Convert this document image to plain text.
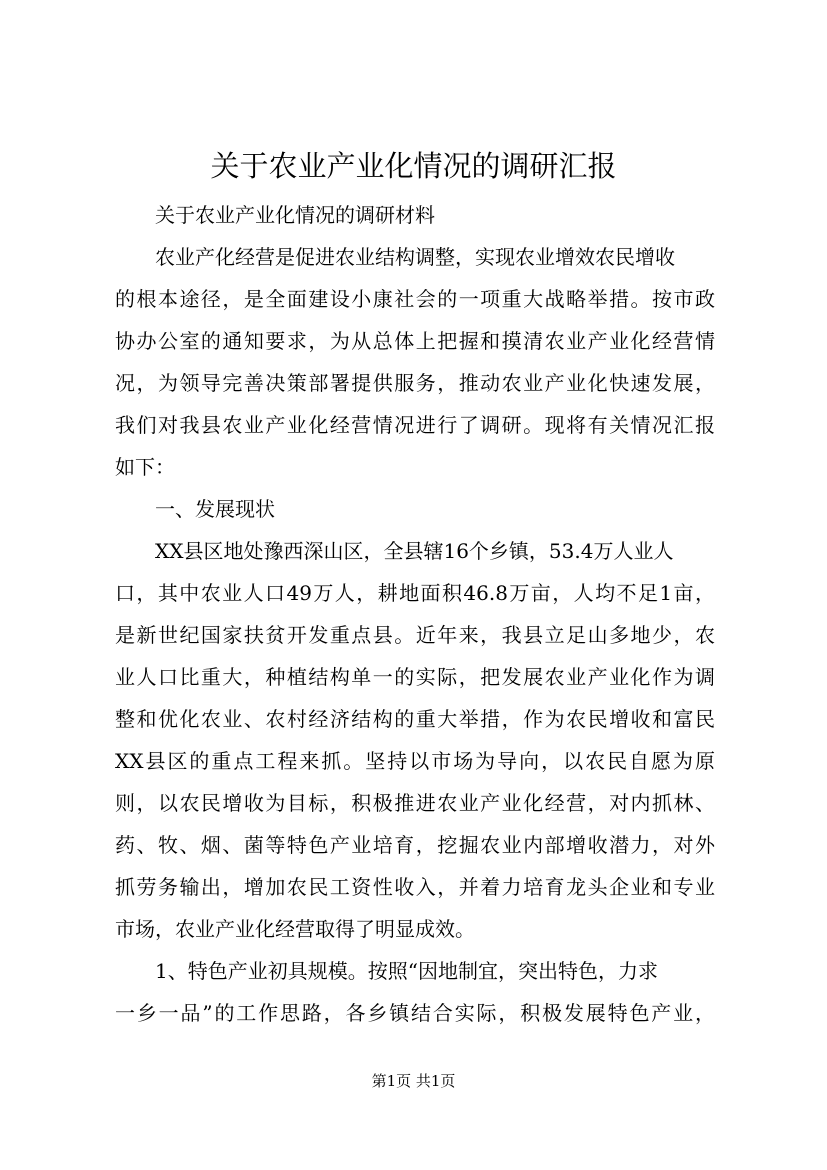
关于农业产业化情况的调研汇报
关于农业产业化情况的调研材料
农业产化经营是促进农业结构调整，实现农业增效农民增收
的根本途径，是全面建设小康社会的一项重大战略举措。按市政
协办公室的通知要求，为从总体上把握和摸清农业产业化经营情
况，为领导完善决策部署提供服务，推动农业产业化快速发展，
我们对我县农业产业化经营情况进行了调研。现将有关情况汇报
如下：
一、发展现状
XX县区地处豫西深山区，全县辖16个乡镇，53.4万人业人
口，其中农业人口49万人，耕地面积46.8万亩，人均不足1亩，
是新世纪国家扶贫开发重点县。近年来，我县立足山多地少，农
业人口比重大，种植结构单一的实际，把发展农业产业化作为调
整和优化农业、农村经济结构的重大举措，作为农民增收和富民
XX县区的重点工程来抓。坚持以市场为导向，以农民自愿为原
则，以农民增收为目标，积极推进农业产业化经营，对内抓林、
药、牧、烟、菌等特色产业培育，挖掘农业内部增收潜力，对外
抓劳务输出，增加农民工资性收入，并着力培育龙头企业和专业
市场，农业产业化经营取得了明显成效。
1、特色产业初具规模。按照“因地制宜，突出特色，力求
一乡一品”的工作思路，各乡镇结合实际，积极发展特色产业，
第1页 共1页
